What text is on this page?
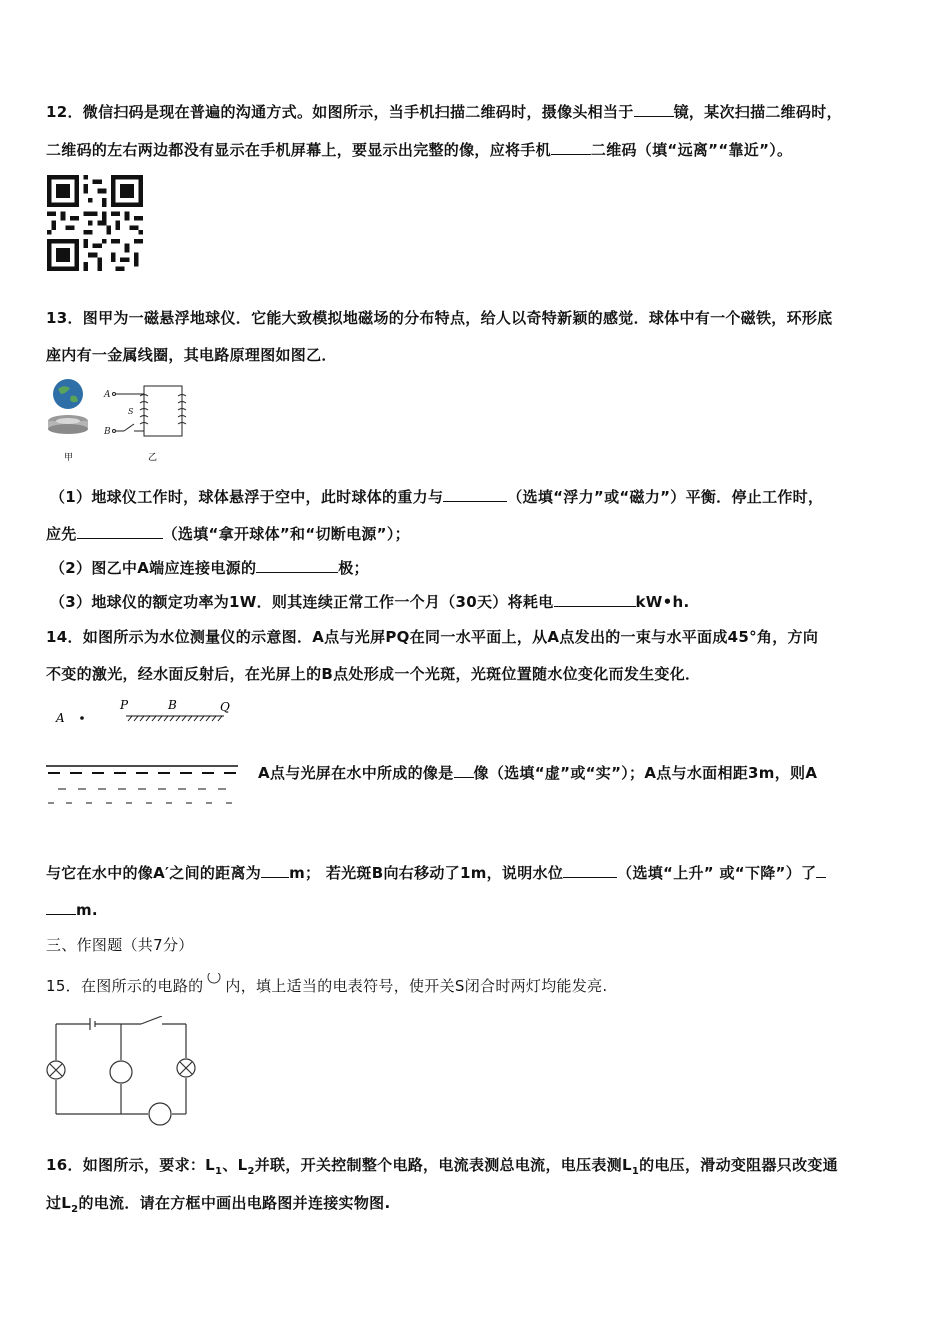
12．微信扫码是现在普遍的沟通方式。如图所示，当手机扫描二维码时，摄像头相当于	镜，某次扫描二维码时，
二维码的左右两边都没有显示在手机屏幕上，要显示出完整的像，应将手机	二维码（填“远离”“靠近”）。
13．图甲为一磁悬浮地球仪．它能大致模拟地磁场的分布特点，给人以奇特新颖的感觉．球体中有一个磁铁，环形底
座内有一金属线圈，其电路原理图如图乙．
甲
A
B
S
乙
（1）地球仪工作时，球体悬浮于空中，此时球体的重力与	（选填“浮力”或“磁力”）平衡．停止工作时，
应先	（选填“拿开球体”和“切断电源”）；
（2）图乙中A端应连接电源的	极；
（3）地球仪的额定功率为1W．则其连续正常工作一个月（30天）将耗电	kW•h.
14．如图所示为水位测量仪的示意图．A点与光屏PQ在同一水平面上，从A点发出的一束与水平面成45°角，方向
不变的激光，经水面反射后，在光屏上的B点处形成一个光斑，光斑位置随水位变化而发生变化．
A
P	B	Q
A点与光屏在水中所成的像是 像（选填“虚”或“实”）；A点与水面相距3m，则A
与它在水中的像A′之间的距离为 m； 若光斑B向右移动了1m，说明水位	（选填“上升” 或“下降”）了
m.
三、作图题（共7分）
15．在图所示的电路的 内，填上适当的电表符号，使开关S闭合时两灯均能发亮.
16．如图所示，要求：$L_1$、$L_2$并联，开关控制整个电路，电流表测总电流，电压表测$L_1$的电压，滑动变阻器只改变通
过$L_2$的电流．请在方框中画出电路图并连接实物图.
